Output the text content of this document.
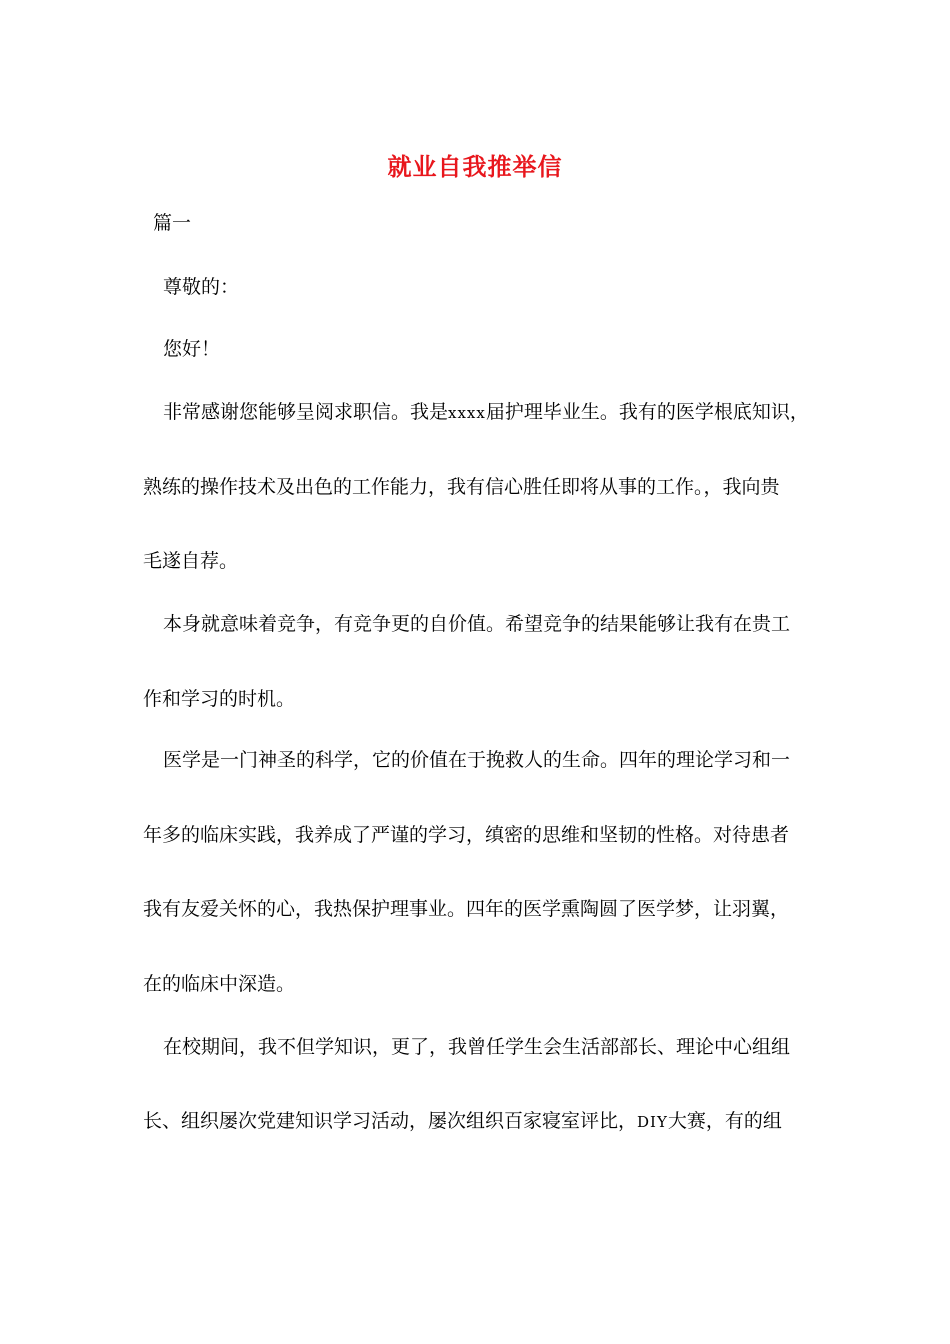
就业自我推举信

篇一

尊敬的：

您好！

非常感谢您能够呈阅求职信。我是xxxx届护理毕业生。我有的医学根底知识，

熟练的操作技术及出色的工作能力，我有信心胜任即将从事的工作。，我向贵

毛遂自荐。

本身就意味着竞争，有竞争更的自价值。希望竞争的结果能够让我有在贵工

作和学习的时机。

医学是一门神圣的科学，它的价值在于挽救人的生命。四年的理论学习和一

年多的临床实践，我养成了严谨的学习，缜密的思维和坚韧的性格。对待患者

我有友爱关怀的心，我热保护理事业。四年的医学熏陶圆了医学梦，让羽翼，

在的临床中深造。

在校期间，我不但学知识，更了，我曾任学生会生活部部长、理论中心组组

长、组织屡次党建知识学习活动，屡次组织百家寝室评比，DIY大赛，有的组
